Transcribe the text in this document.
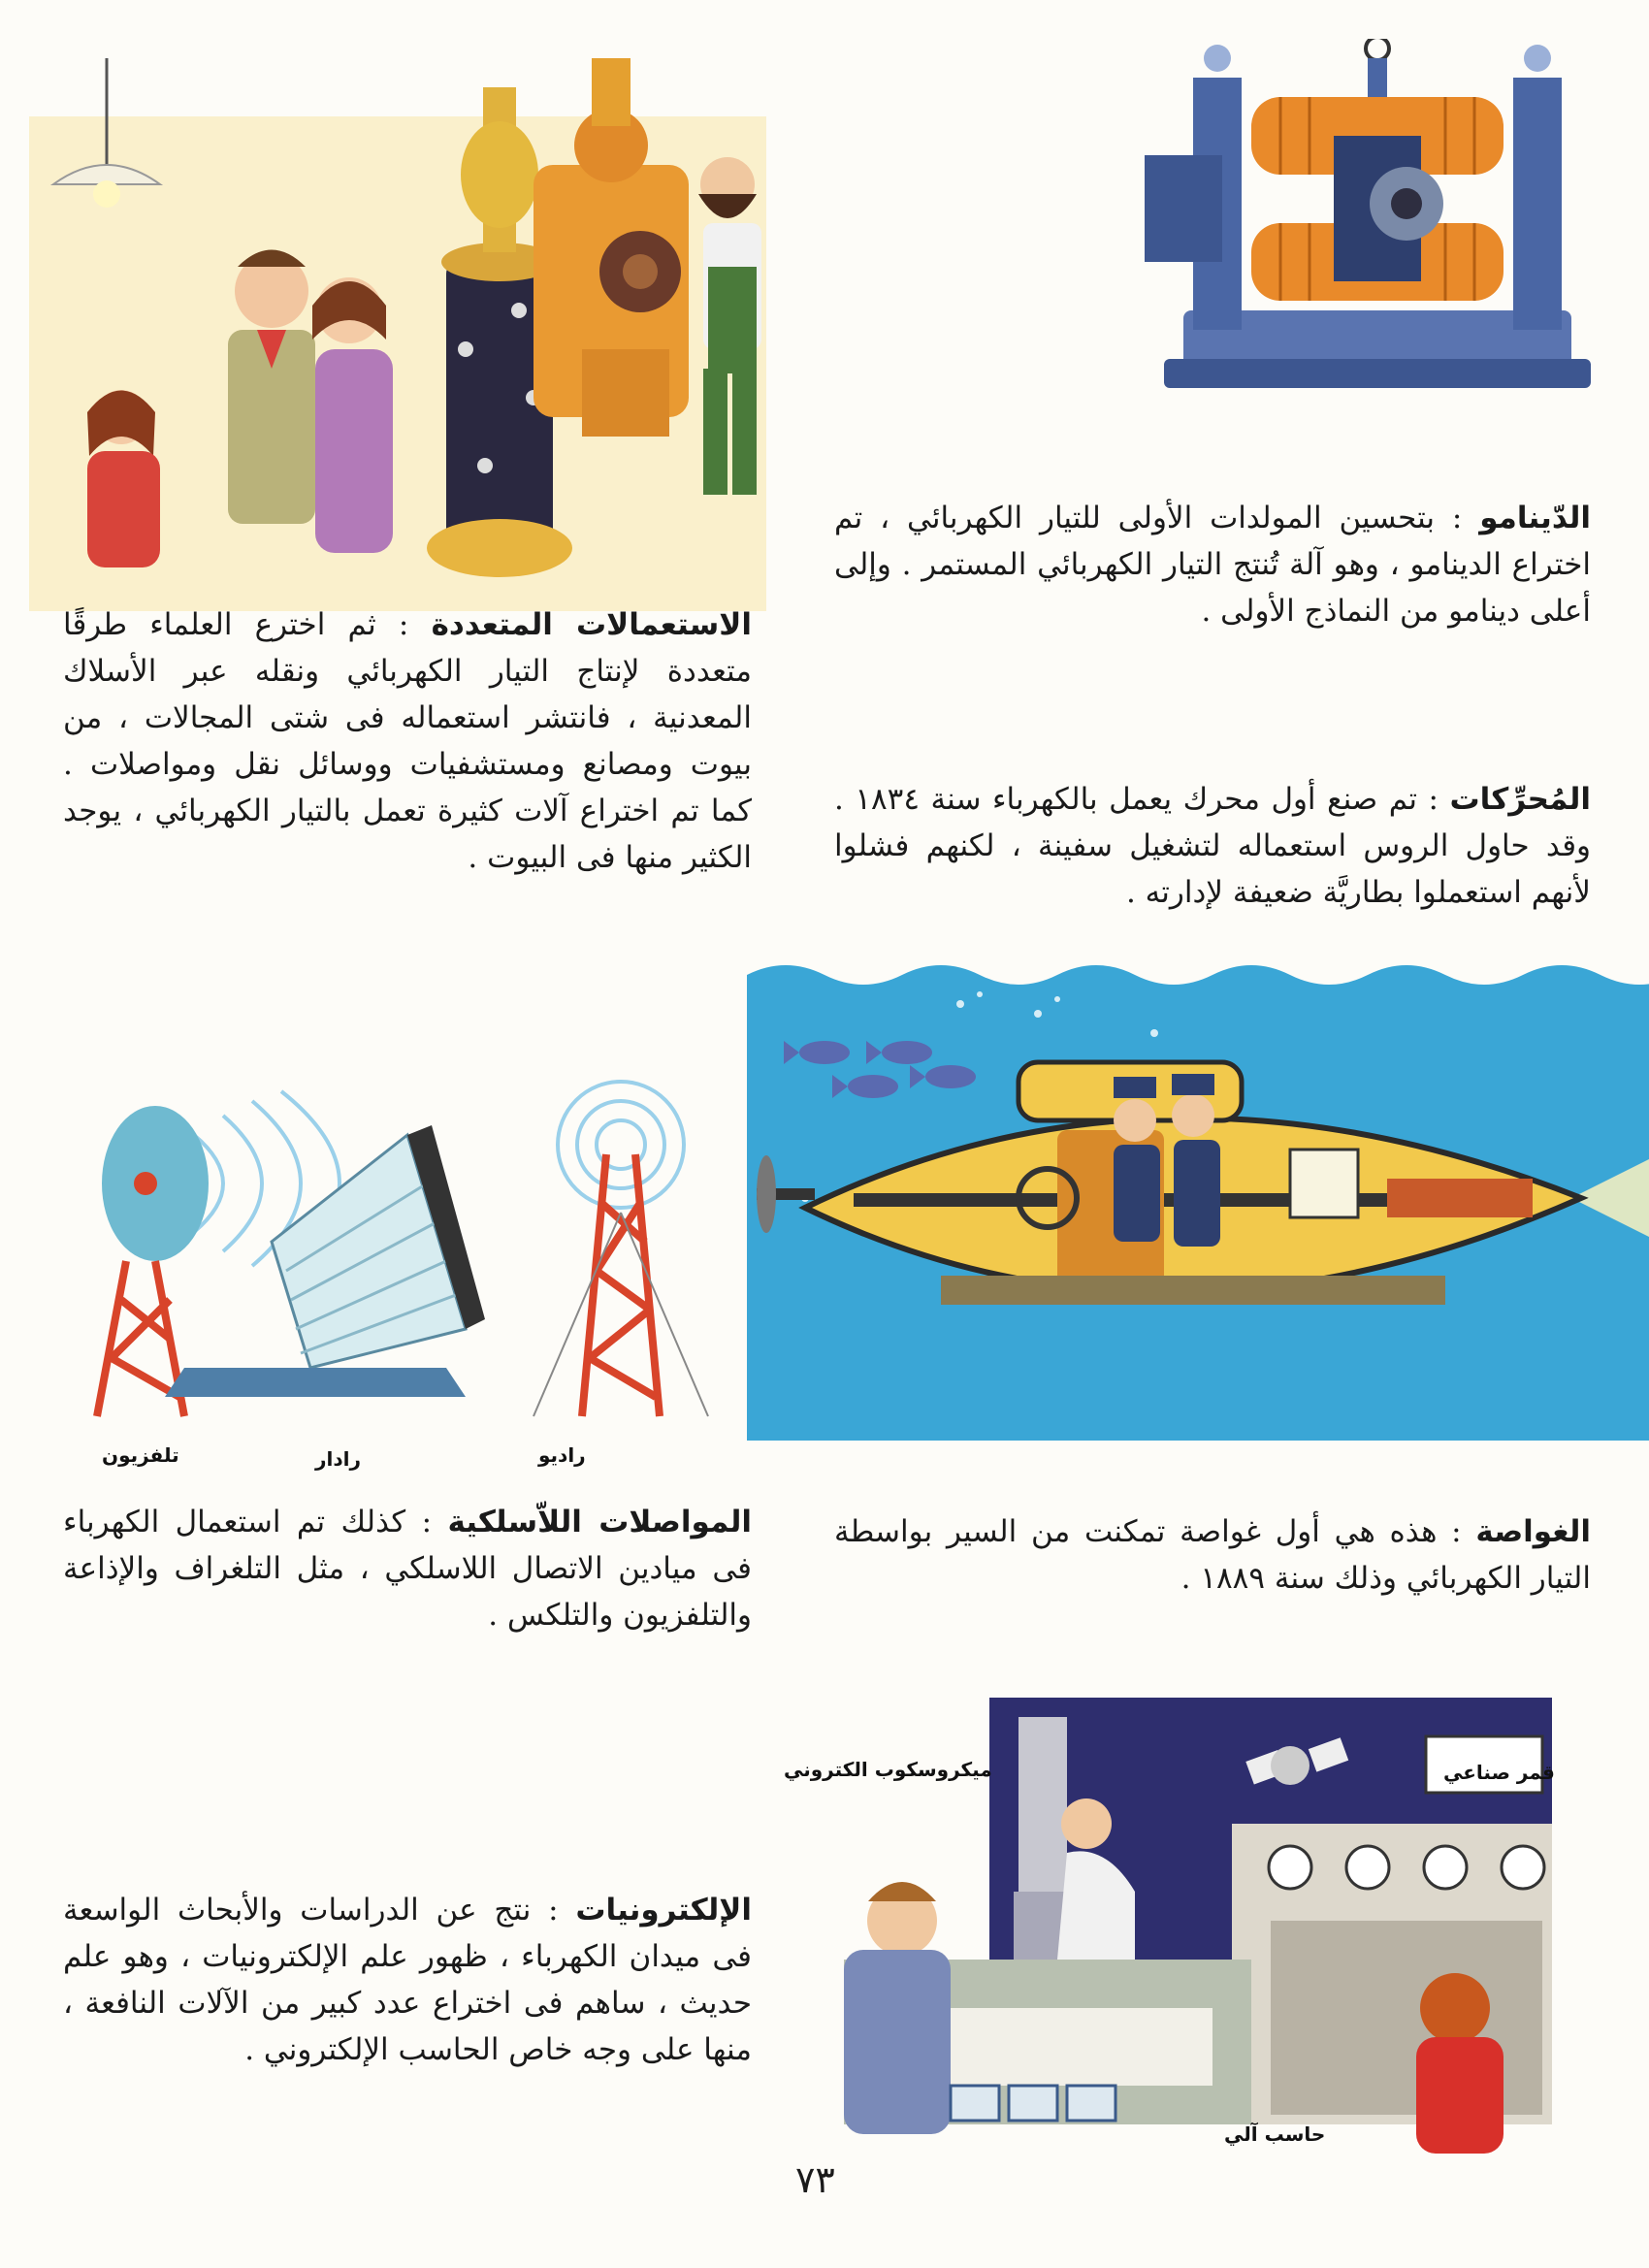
الدّينامو : بتحسين المولدات الأولى للتيار الكهربائي ، تم اختراع الدينامو ، وهو آلة تُنتج التيار الكهربائي المستمر . وإلى أعلى دينامو من النماذج الأولى .
الاستعمالات المتعددة : ثم اخترع العلماء طرقًا متعددة لإنتاج التيار الكهربائي ونقله عبر الأسلاك المعدنية ، فانتشر استعماله فى شتى المجالات ، من بيوت ومصانع ومستشفيات ووسائل نقل ومواصلات . كما تم اختراع آلات كثيرة تعمل بالتيار الكهربائي ، يوجد الكثير منها فى البيوت .
المُحرِّكات : تم صنع أول محرك يعمل بالكهرباء سنة ١٨٣٤ . وقد حاول الروس استعماله لتشغيل سفينة ، لكنهم فشلوا لأنهم استعملوا بطاريَّة ضعيفة لإدارته .
تلفزيون	رادار	راديو
المواصلات اللاّسلكية : كذلك تم استعمال الكهرباء فى ميادين الاتصال اللاسلكي ، مثل التلغراف والإذاعة والتلفزيون والتلكس .
الغواصة : هذه هي أول غواصة تمكنت من السير بواسطة التيار الكهربائي وذلك سنة ١٨٨٩ .
ميكروسكوب الكتروني	قمر صناعي
حاسب آلي
الإلكترونيات : نتج عن الدراسات والأبحاث الواسعة فى ميدان الكهرباء ، ظهور علم الإلكترونيات ، وهو علم حديث ، ساهم فى اختراع عدد كبير من الآلات النافعة ، منها على وجه خاص الحاسب الإلكتروني .
٧٣
